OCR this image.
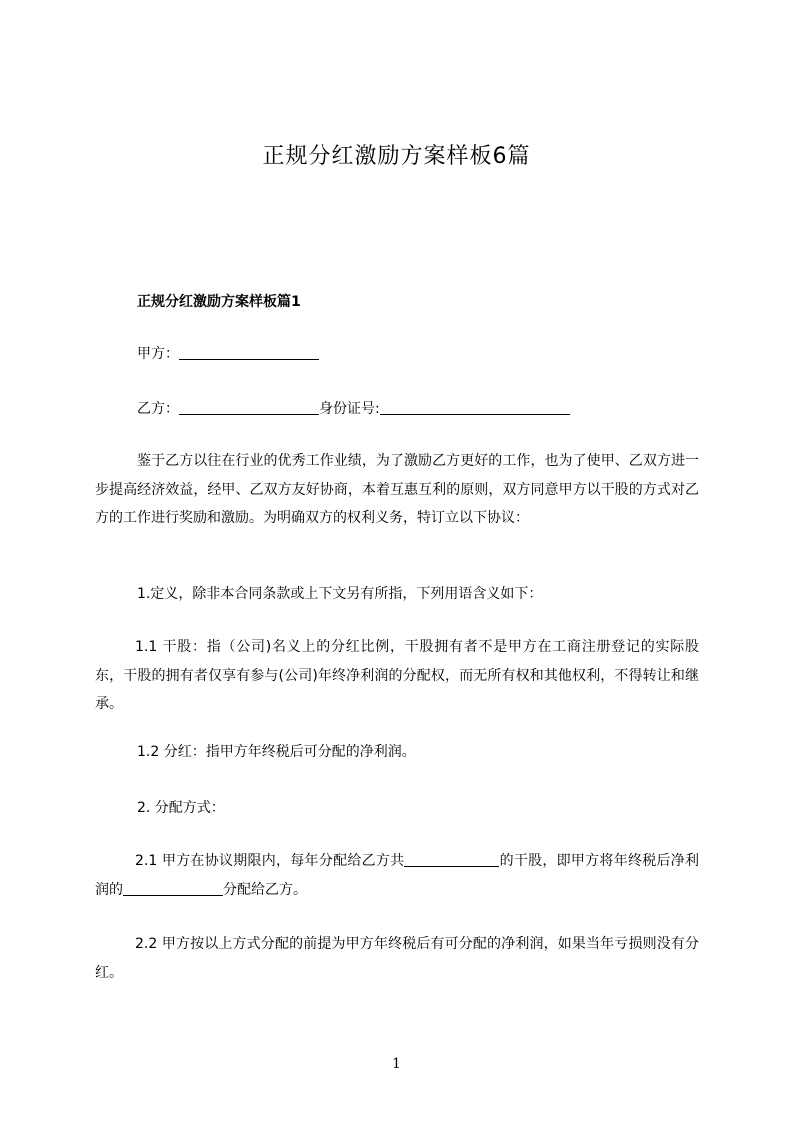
正规分红激励方案样板6篇
正规分红激励方案样板篇1
甲方：
乙方：	身份证号:
鉴于乙方以往在行业的优秀工作业绩，为了激励乙方更好的工作，也为了使甲、乙双方进一步提高经济效益，经甲、乙双方友好协商，本着互惠互利的原则，双方同意甲方以干股的方式对乙方的工作进行奖励和激励。为明确双方的权利义务，特订立以下协议：
1.定义，除非本合同条款或上下文另有所指，下列用语含义如下：
1.1 干股：指（公司)名义上的分红比例，干股拥有者不是甲方在工商注册登记的实际股东，干股的拥有者仅享有参与(公司)年终净利润的分配权，而无所有权和其他权利，不得转让和继承。
1.2 分红：指甲方年终税后可分配的净利润。
2. 分配方式：
2.1 甲方在协议期限内，每年分配给乙方共	的干股，即甲方将年终税后净利润的	分配给乙方。
2.2 甲方按以上方式分配的前提为甲方年终税后有可分配的净利润，如果当年亏损则没有分红。
1
